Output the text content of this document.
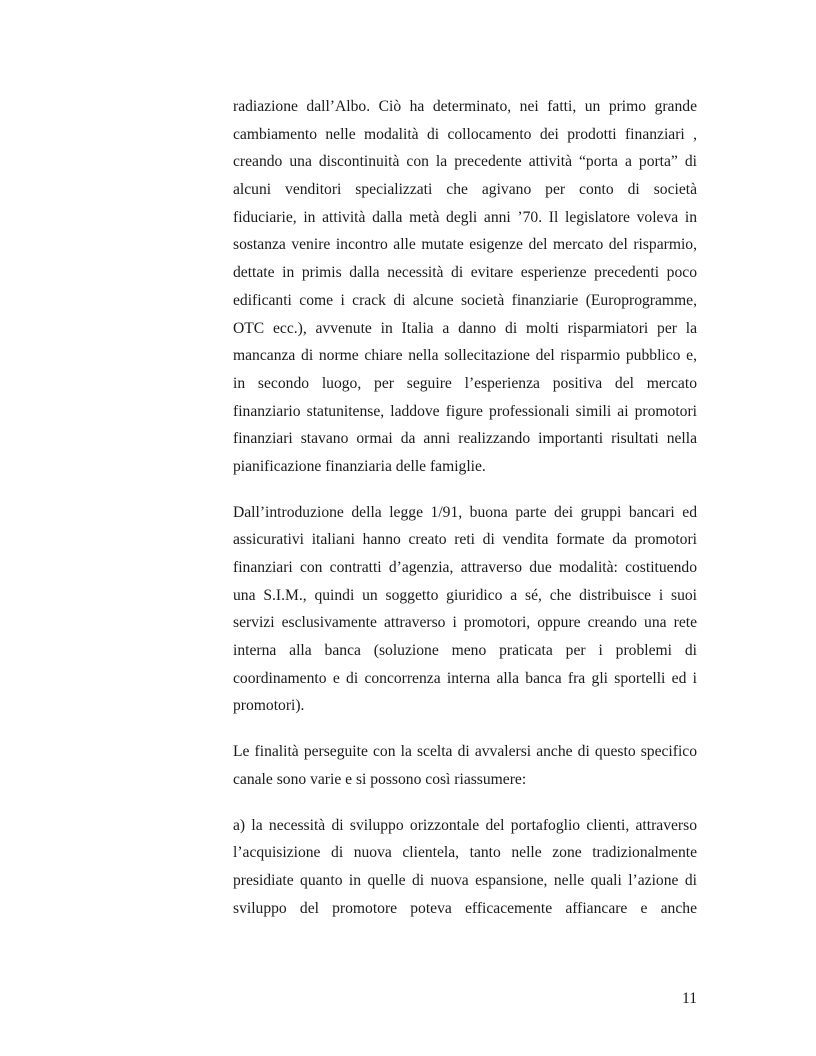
radiazione dall’Albo. Ciò ha determinato, nei fatti, un primo grande
cambiamento nelle modalità di collocamento dei prodotti finanziari ,
creando una discontinuità con la precedente attività “porta a porta” di
alcuni venditori specializzati che agivano per conto di società
fiduciarie, in attività dalla metà degli anni ’70. Il legislatore voleva in
sostanza venire incontro alle mutate esigenze del mercato del risparmio,
dettate in primis dalla necessità di evitare esperienze precedenti poco
edificanti come i crack di alcune società finanziarie (Europrogramme,
OTC ecc.), avvenute in Italia a danno di molti risparmiatori per la
mancanza di norme chiare nella sollecitazione del risparmio pubblico e,
in secondo luogo, per seguire l’esperienza positiva del mercato
finanziario statunitense, laddove figure professionali simili ai promotori
finanziari stavano ormai da anni realizzando importanti risultati nella
pianificazione finanziaria delle famiglie.
Dall’introduzione della legge 1/91, buona parte dei gruppi bancari ed
assicurativi italiani hanno creato reti di vendita formate da promotori
finanziari con contratti d’agenzia, attraverso due modalità: costituendo
una S.I.M., quindi un soggetto giuridico a sé, che distribuisce i suoi
servizi esclusivamente attraverso i promotori, oppure creando una rete
interna alla banca (soluzione meno praticata per i problemi di
coordinamento e di concorrenza interna alla banca fra gli sportelli ed i
promotori).
Le finalità perseguite con la scelta di avvalersi anche di questo specifico
canale sono varie e si possono così riassumere:
a) la necessità di sviluppo orizzontale del portafoglio clienti, attraverso
l’acquisizione di nuova clientela, tanto nelle zone tradizionalmente
presidiate quanto in quelle di nuova espansione, nelle quali l’azione di
sviluppo del promotore poteva efficacemente affiancare e anche
11
